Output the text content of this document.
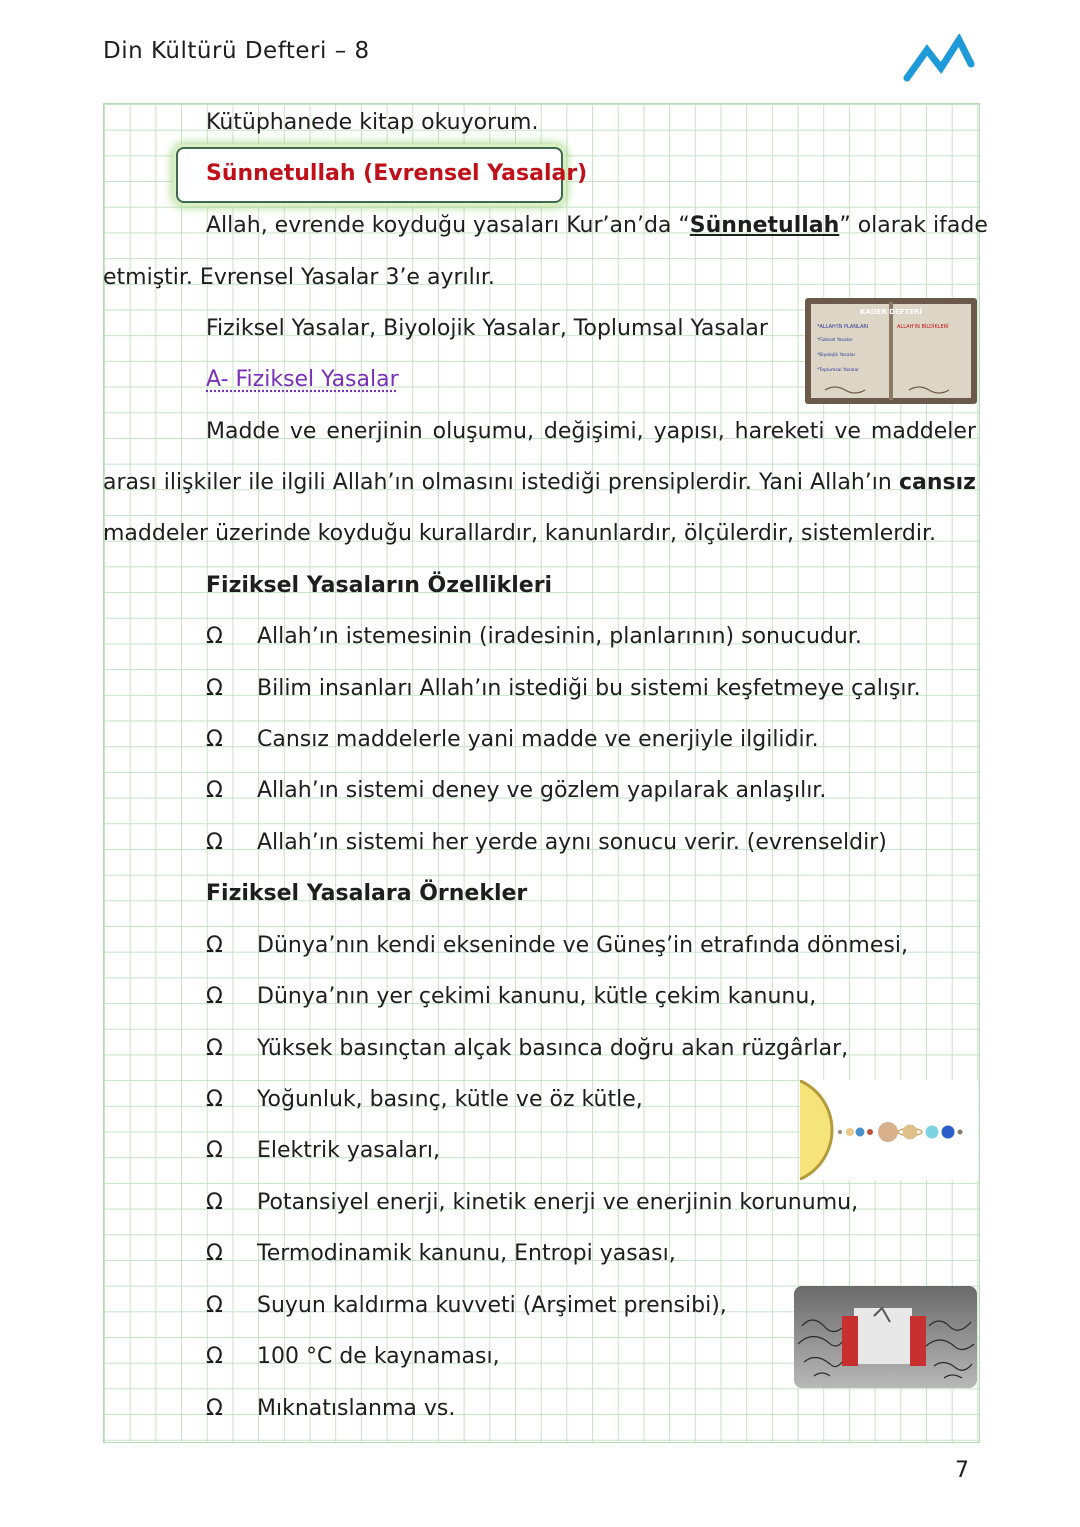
Din Kültürü Defteri – 8
Kütüphanede kitap okuyorum.
Sünnetullah (Evrensel Yasalar)
Allah, evrende koyduğu yasaları Kur’an’da “Sünnetullah” olarak ifade
etmiştir. Evrensel Yasalar 3’e ayrılır.
Fiziksel Yasalar, Biyolojik Yasalar, Toplumsal Yasalar
A- Fiziksel Yasalar
KADER DEFTERİ
*ALLAH'IN PLANLARI
*Fiziksel Yasalar
*Biyolojik Yasalar
*Toplumsal Yasalar
ALLAH'IN BİLDİKLERİ
Madde ve enerjinin oluşumu, değişimi, yapısı, hareketi ve maddeler
arası ilişkiler ile ilgili Allah’ın olmasını istediği prensiplerdir. Yani Allah’ın cansız
maddeler üzerinde koyduğu kurallardır, kanunlardır, ölçülerdir, sistemlerdir.
Fiziksel Yasaların Özellikleri
Ω Allah’ın istemesinin (iradesinin, planlarının) sonucudur.
Ω Bilim insanları Allah’ın istediği bu sistemi keşfetmeye çalışır.
Ω Cansız maddelerle yani madde ve enerjiyle ilgilidir.
Ω Allah’ın sistemi deney ve gözlem yapılarak anlaşılır.
Ω Allah’ın sistemi her yerde aynı sonucu verir. (evrenseldir)
Fiziksel Yasalara Örnekler
Ω Dünya’nın kendi ekseninde ve Güneş’in etrafında dönmesi,
Ω Dünya’nın yer çekimi kanunu, kütle çekim kanunu,
Ω Yüksek basınçtan alçak basınca doğru akan rüzgârlar,
Ω Yoğunluk, basınç, kütle ve öz kütle,
Ω Elektrik yasaları,
Ω Potansiyel enerji, kinetik enerji ve enerjinin korunumu,
Ω Termodinamik kanunu, Entropi yasası,
Ω Suyun kaldırma kuvveti (Arşimet prensibi),
Ω 100 °C de kaynaması,
Ω Mıknatıslanma vs.
7
